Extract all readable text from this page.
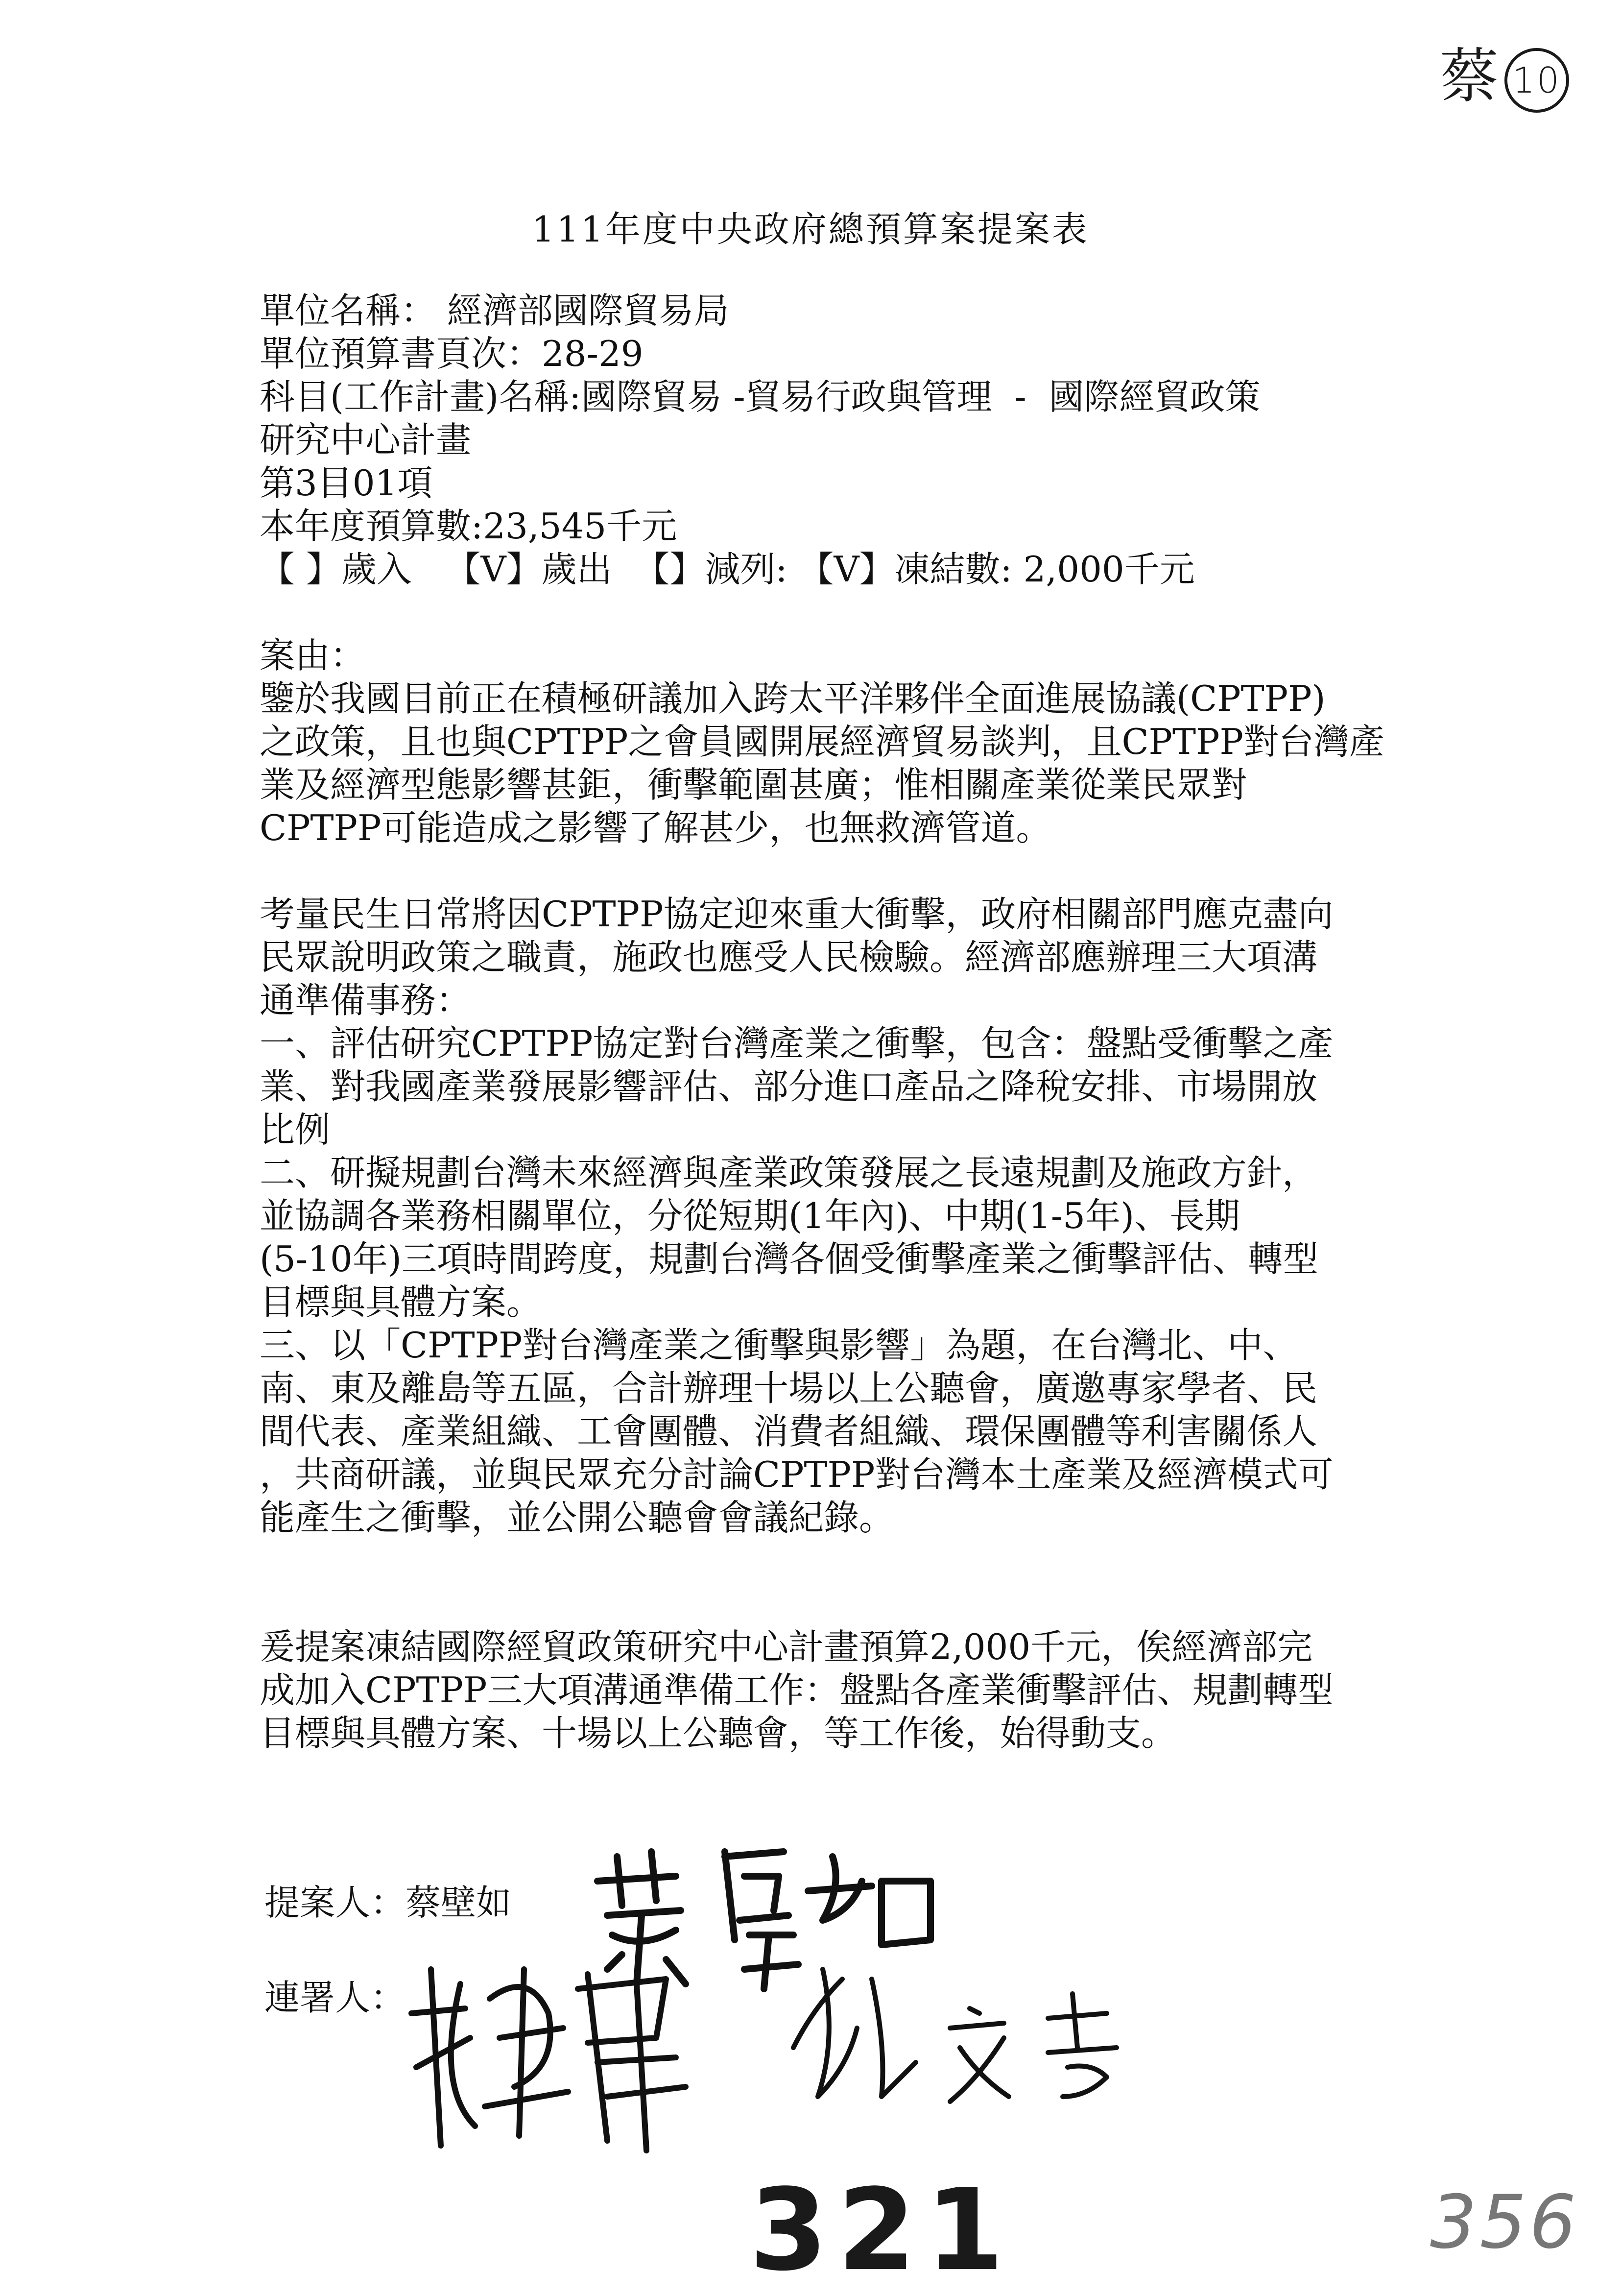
蔡 10
111年度中央政府總預算案提案表
單位名稱： 經濟部國際貿易局
單位預算書頁次：28-29
科目(工作計畫)名稱:國際貿易 -貿易行政與管理  -  國際經貿政策
研究中心計畫
第3目01項
本年度預算數:23,545千元
【 】歲入   【V】歲出  【】減列: 【V】凍結數: 2,000千元
案由：
鑒於我國目前正在積極研議加入跨太平洋夥伴全面進展協議(CPTPP)
之政策，且也與CPTPP之會員國開展經濟貿易談判，且CPTPP對台灣產
業及經濟型態影響甚鉅，衝擊範圍甚廣；惟相關產業從業民眾對
CPTPP可能造成之影響了解甚少，也無救濟管道。
考量民生日常將因CPTPP協定迎來重大衝擊，政府相關部門應克盡向
民眾說明政策之職責，施政也應受人民檢驗。經濟部應辦理三大項溝
通準備事務：
一、評估研究CPTPP協定對台灣產業之衝擊，包含：盤點受衝擊之產
業、對我國產業發展影響評估、部分進口產品之降稅安排、市場開放
比例
二、研擬規劃台灣未來經濟與產業政策發展之長遠規劃及施政方針，
並協調各業務相關單位，分從短期(1年內)、中期(1-5年)、長期
(5-10年)三項時間跨度，規劃台灣各個受衝擊產業之衝擊評估、轉型
目標與具體方案。
三、以「CPTPP對台灣產業之衝擊與影響」為題，在台灣北、中、
南、東及離島等五區，合計辦理十場以上公聽會，廣邀專家學者、民
間代表、產業組織、工會團體、消費者組織、環保團體等利害關係人
，共商研議，並與民眾充分討論CPTPP對台灣本土產業及經濟模式可
能產生之衝擊，並公開公聽會會議紀錄。
爰提案凍結國際經貿政策研究中心計畫預算2,000千元，俟經濟部完
成加入CPTPP三大項溝通準備工作：盤點各產業衝擊評估、規劃轉型
目標與具體方案、十場以上公聽會，等工作後，始得動支。
提案人：蔡壁如
連署人：
321	356
